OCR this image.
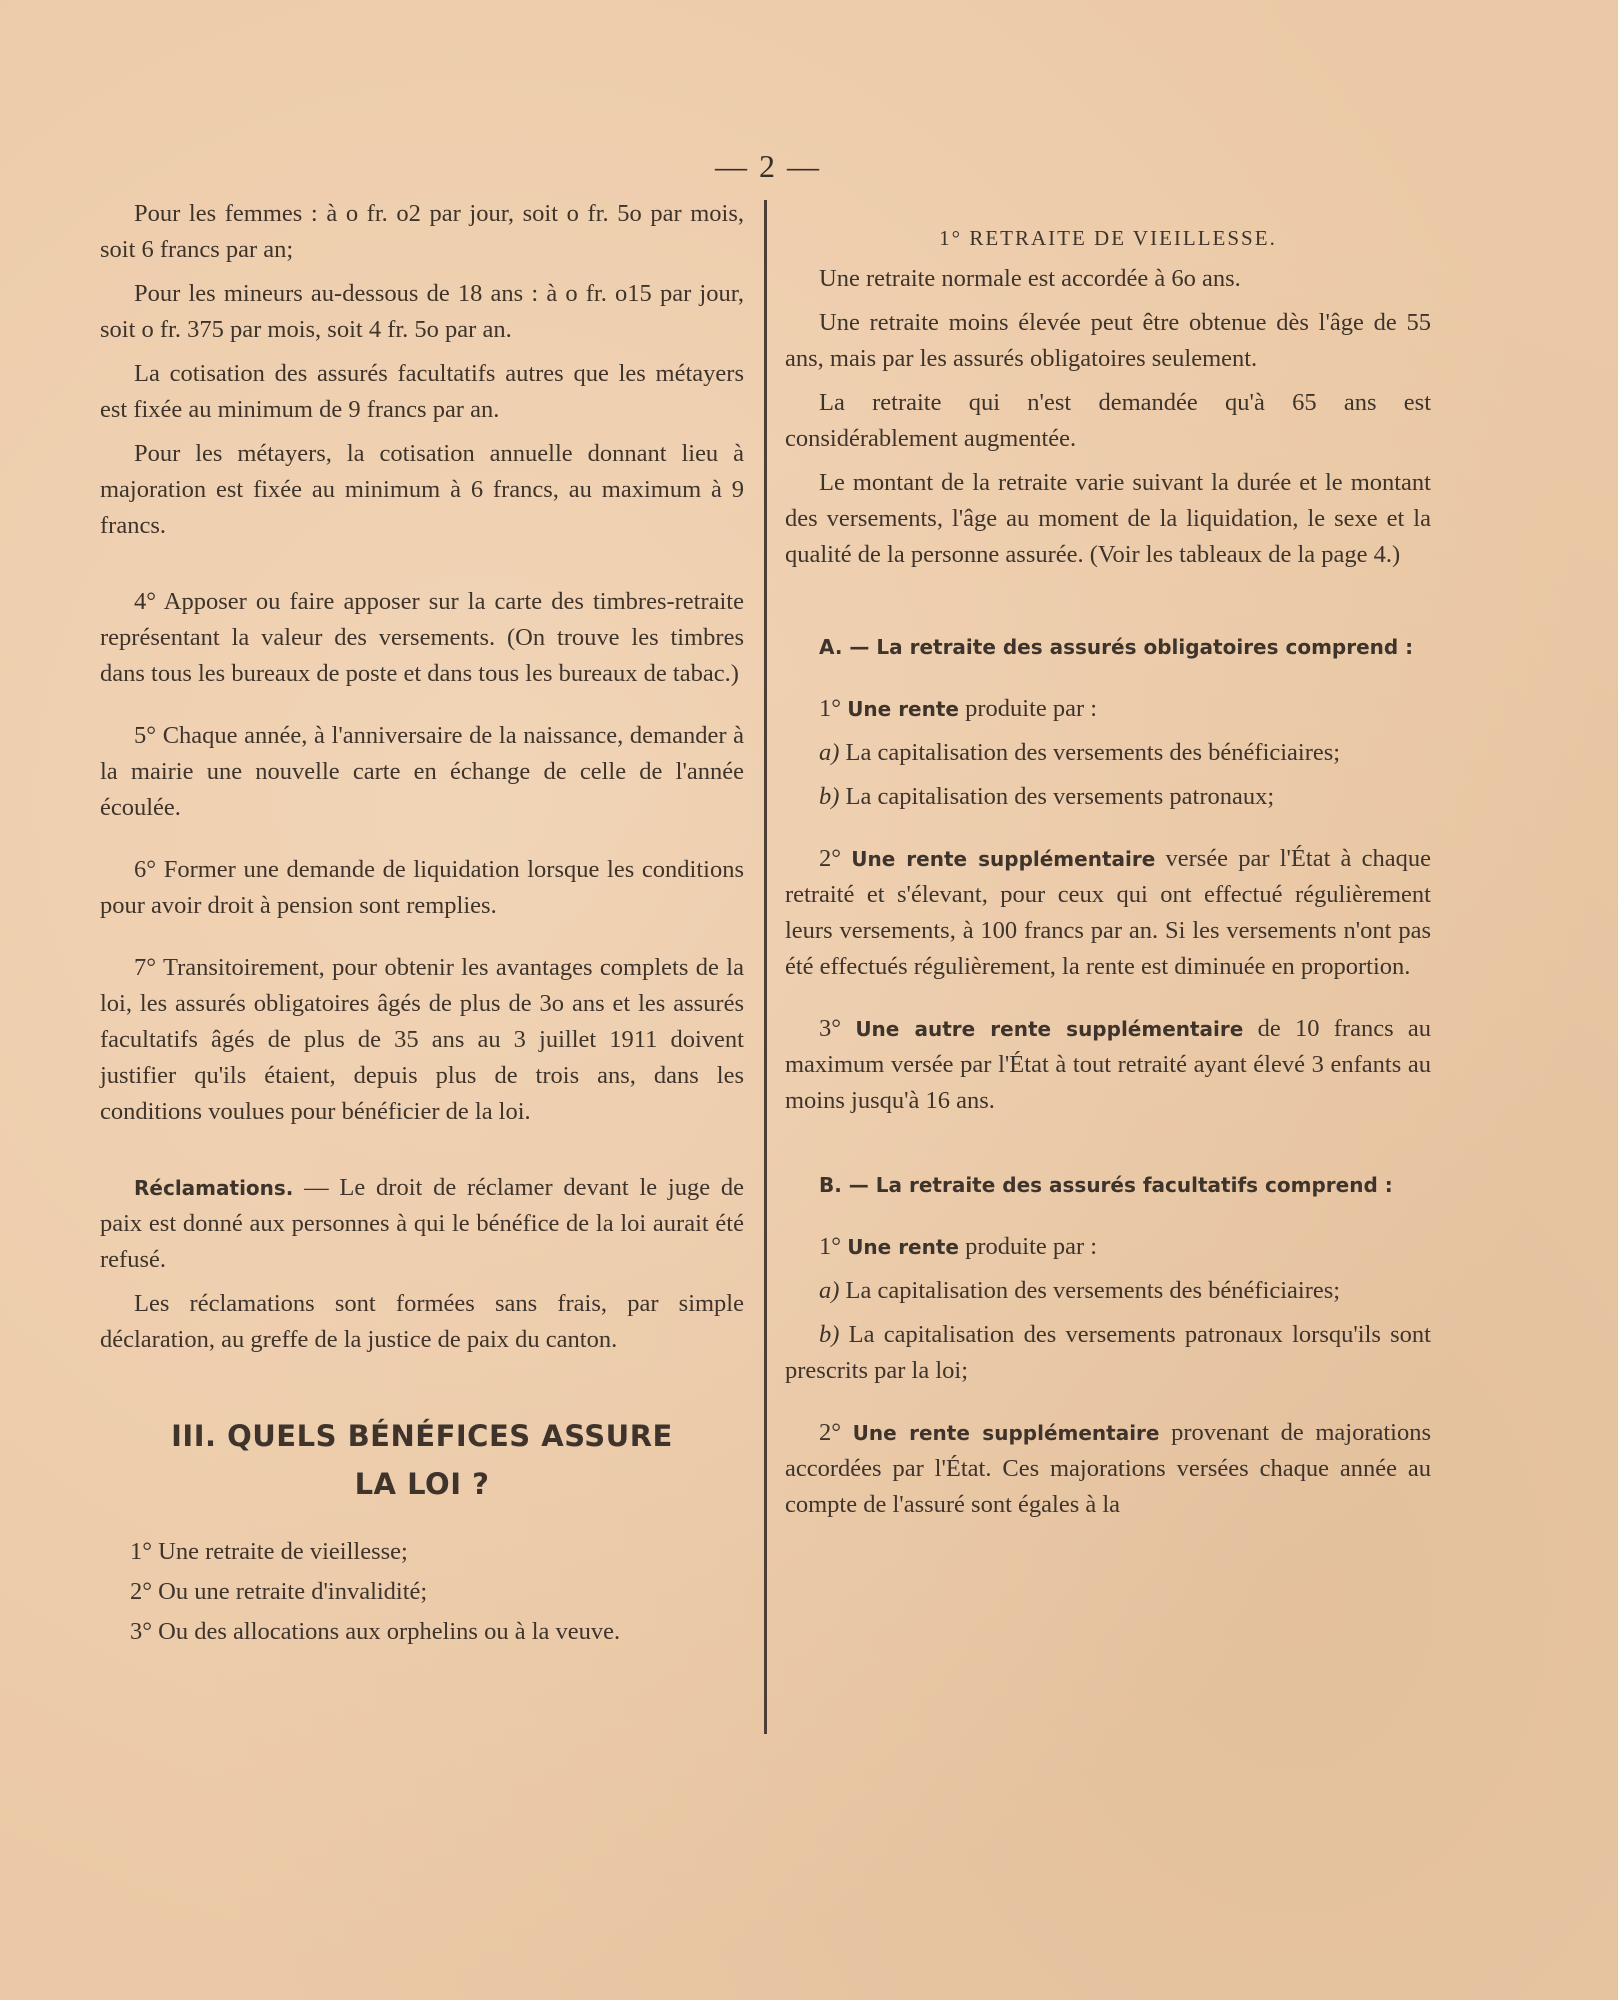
— 2 —

Pour les femmes : à o fr. o2 par jour, soit o fr. 5o par mois, soit 6 francs par an;

Pour les mineurs au-dessous de 18 ans : à o fr. o15 par jour, soit o fr. 375 par mois, soit 4 fr. 5o par an.

La cotisation des assurés facultatifs autres que les métayers est fixée au minimum de 9 francs par an.

Pour les métayers, la cotisation annuelle donnant lieu à majoration est fixée au minimum à 6 francs, au maximum à 9 francs.

4° Apposer ou faire apposer sur la carte des timbres-retraite représentant la valeur des versements. (On trouve les timbres dans tous les bureaux de poste et dans tous les bureaux de tabac.)

5° Chaque année, à l'anniversaire de la naissance, demander à la mairie une nouvelle carte en échange de celle de l'année écoulée.

6° Former une demande de liquidation lorsque les conditions pour avoir droit à pension sont remplies.

7° Transitoirement, pour obtenir les avantages complets de la loi, les assurés obligatoires âgés de plus de 3o ans et les assurés facultatifs âgés de plus de 35 ans au 3 juillet 1911 doivent justifier qu'ils étaient, depuis plus de trois ans, dans les conditions voulues pour bénéficier de la loi.

Réclamations. — Le droit de réclamer devant le juge de paix est donné aux personnes à qui le bénéfice de la loi aurait été refusé.

Les réclamations sont formées sans frais, par simple déclaration, au greffe de la justice de paix du canton.

III. QUELS BÉNÉFICES ASSURE
LA LOI ?
1° Une retraite de vieillesse;
2° Ou une retraite d'invalidité;
3° Ou des allocations aux orphelins ou à la veuve.
1° RETRAITE DE VIEILLESSE.

Une retraite normale est accordée à 6o ans.

Une retraite moins élevée peut être obtenue dès l'âge de 55 ans, mais par les assurés obligatoires seulement.

La retraite qui n'est demandée qu'à 65 ans est considérablement augmentée.

Le montant de la retraite varie suivant la durée et le montant des versements, l'âge au moment de la liquidation, le sexe et la qualité de la personne assurée. (Voir les tableaux de la page 4.)

A. — La retraite des assurés obligatoires comprend :

1° Une rente produite par :

a) La capitalisation des versements des bénéficiaires;

b) La capitalisation des versements patronaux;

2° Une rente supplémentaire versée par l'État à chaque retraité et s'élevant, pour ceux qui ont effectué régulièrement leurs versements, à 100 francs par an. Si les versements n'ont pas été effectués régulièrement, la rente est diminuée en proportion.

3° Une autre rente supplémentaire de 10 francs au maximum versée par l'État à tout retraité ayant élevé 3 enfants au moins jusqu'à 16 ans.

B. — La retraite des assurés facultatifs comprend :

1° Une rente produite par :

a) La capitalisation des versements des bénéficiaires;

b) La capitalisation des versements patronaux lorsqu'ils sont prescrits par la loi;

2° Une rente supplémentaire provenant de majorations accordées par l'État. Ces majorations versées chaque année au compte de l'assuré sont égales à la
